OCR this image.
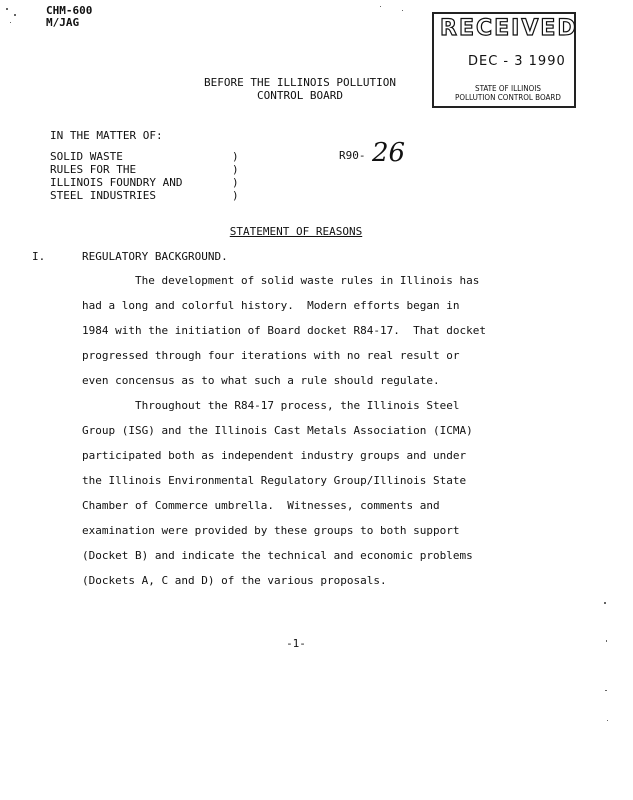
CHM-600
M/JAG	RECEIVED
DEC - 3 1990
STATE OF ILLINOIS
POLLUTION CONTROL BOARD
BEFORE THE ILLINOIS POLLUTION
CONTROL BOARD
IN THE MATTER OF:
SOLID WASTE
RULES FOR THE
ILLINOIS FOUNDRY AND
STEEL INDUSTRIES
)
)
)
)
R90- 26
STATEMENT OF REASONS
I.	REGULATORY BACKGROUND.
The development of solid waste rules in Illinois has
had a long and colorful history.  Modern efforts began in
1984 with the initiation of Board docket R84-17.  That docket
progressed through four iterations with no real result or
even concensus as to what such a rule should regulate.
Throughout the R84-17 process, the Illinois Steel
Group (ISG) and the Illinois Cast Metals Association (ICMA)
participated both as independent industry groups and under
the Illinois Environmental Regulatory Group/Illinois State
Chamber of Commerce umbrella.  Witnesses, comments and
examination were provided by these groups to both support
(Docket B) and indicate the technical and economic problems
(Dockets A, C and D) of the various proposals.
-1-
